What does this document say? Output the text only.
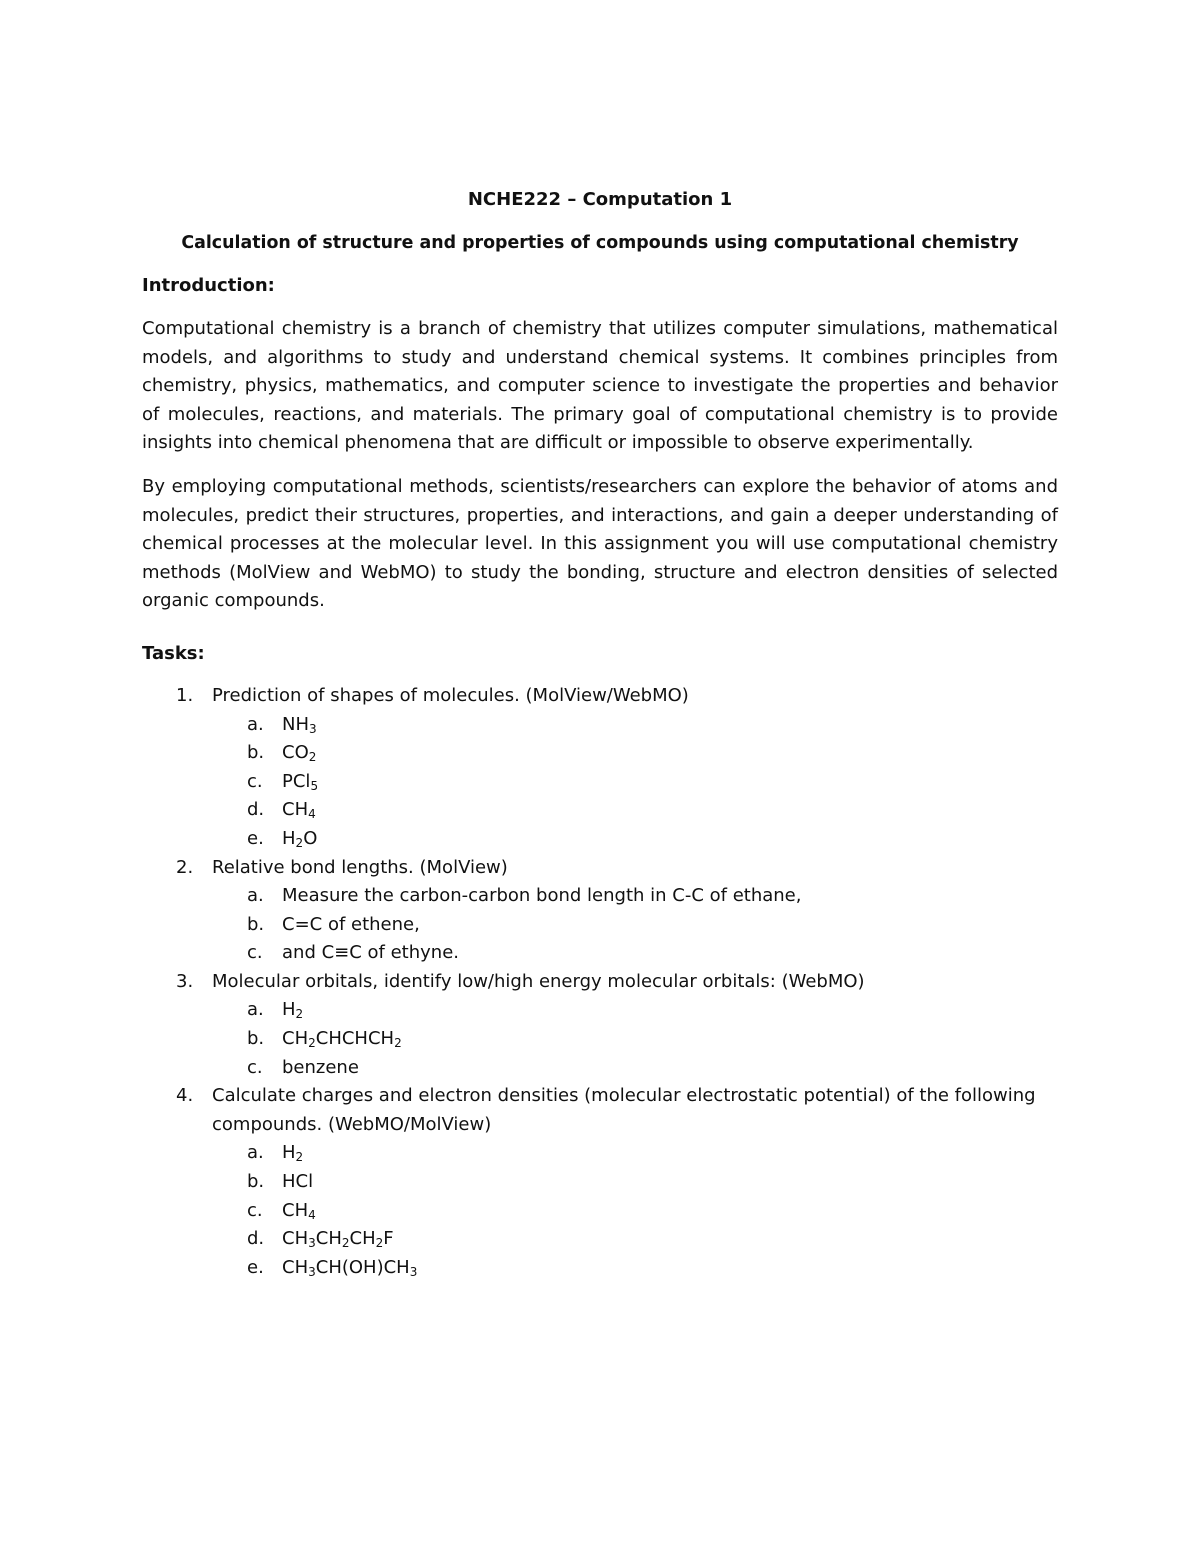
NCHE222 – Computation 1
Calculation of structure and properties of compounds using computational chemistry
Introduction:

Computational chemistry is a branch of chemistry that utilizes computer simulations, mathematical models, and algorithms to study and understand chemical systems. It combines principles from chemistry, physics, mathematics, and computer science to investigate the properties and behavior of molecules, reactions, and materials. The primary goal of computational chemistry is to provide insights into chemical phenomena that are difficult or impossible to observe experimentally.

By employing computational methods, scientists/researchers can explore the behavior of atoms and molecules, predict their structures, properties, and interactions, and gain a deeper understanding of chemical processes at the molecular level. In this assignment you will use computational chemistry methods (MolView and WebMO) to study the bonding, structure and electron densities of selected organic compounds.

Tasks:
1. Prediction of shapes of molecules. (MolView/WebMO)
a. $NH_3$
b. $CO_2$
c. PCl$_5$
d. $CH_4$
e. $H_2O$
2. Relative bond lengths. (MolView)
a. Measure the carbon-carbon bond length in C-C of ethane,
b. C=C of ethene,
c. and C≡C of ethyne.
3. Molecular orbitals, identify low/high energy molecular orbitals: (WebMO)
a. $H_2$
b. $CH_2CHCHCH_2$
c. benzene
4. Calculate charges and electron densities (molecular electrostatic potential) of the following compounds. (WebMO/MolView)
a. $H_2$
b. HCl
c. $CH_4$
d. $CH_3CH_2CH_2F$
e. $CH_3CH(OH)CH_3$
